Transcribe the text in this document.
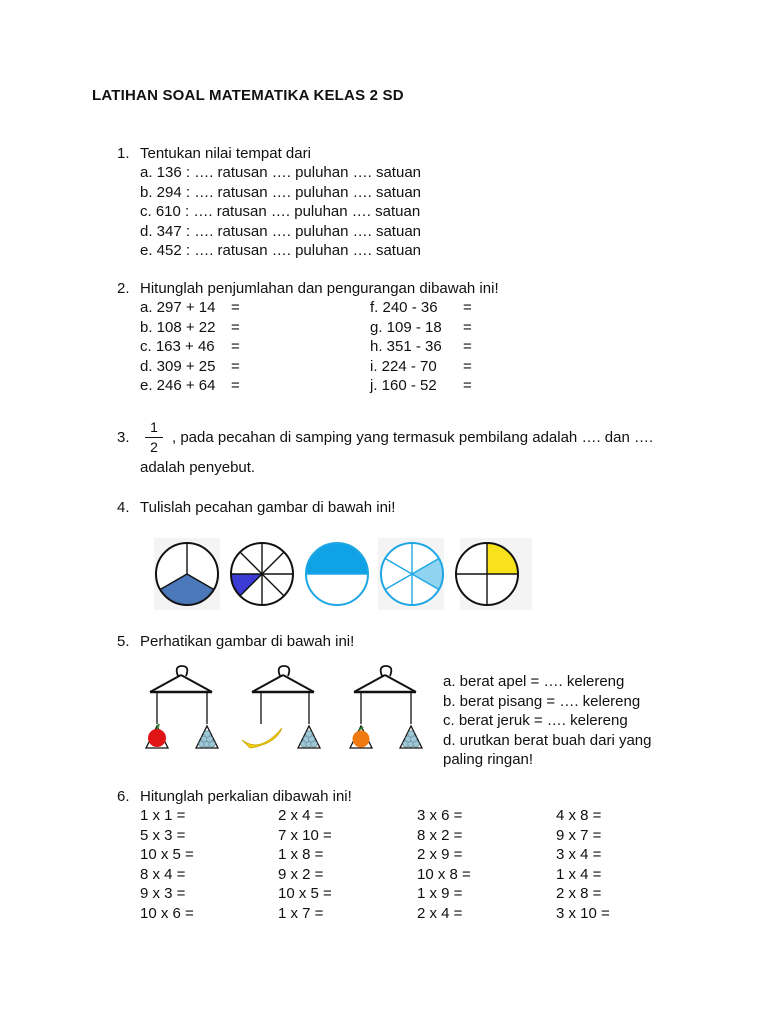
LATIHAN SOAL MATEMATIKA KELAS 2 SD
1. Tentukan nilai tempat dari
a. 136 : …. ratusan …. puluhan …. satuan
b. 294 : …. ratusan …. puluhan …. satuan
c. 610 : …. ratusan …. puluhan …. satuan
d. 347 : …. ratusan …. puluhan …. satuan
e. 452 : …. ratusan …. puluhan …. satuan
2. Hitunglah penjumlahan dan pengurangan dibawah ini!
a. 297 + 14
b. 108 + 22
c. 163 + 46
d. 309 + 25
e. 246 + 64
=
=
=
=
=
f. 240 - 36
g. 109 - 18
h. 351 - 36
i. 224 - 70
j. 160 - 52
=
=
=
=
=
3.
1
2
, pada pecahan di samping yang termasuk pembilang adalah …. dan ….
adalah penyebut.
4. Tulislah pecahan gambar di bawah ini!
5. Perhatikan gambar di bawah ini!
a. berat apel = …. kelereng
b. berat pisang = …. kelereng
c. berat jeruk = …. kelereng
d. urutkan berat buah dari yang
paling ringan!
6. Hitunglah perkalian dibawah ini!
1 x 1 =
5 x 3 =
10 x 5 =
8 x 4 =
9 x 3 =
10 x 6 =
2 x 4 =
7 x 10 =
1 x 8 =
9 x 2 =
10 x 5 =
1 x 7 =
3 x 6 =
8 x 2 =
2 x 9 =
10 x 8 =
1 x 9 =
2 x 4 =
4 x 8 =
9 x 7 =
3 x 4 =
1 x 4 =
2 x 8 =
3 x 10 =
